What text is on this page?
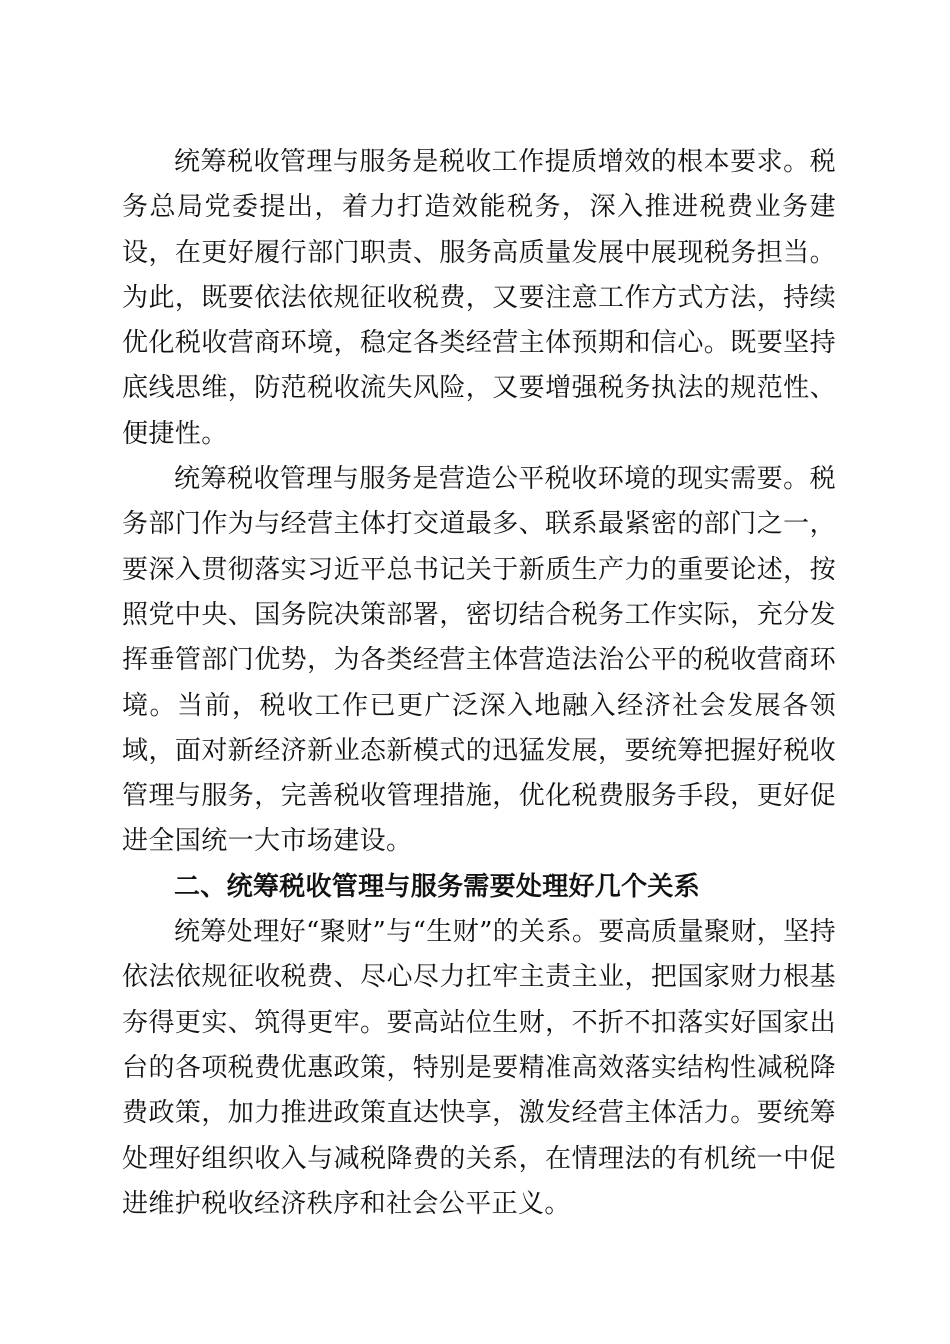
统筹税收管理与服务是税收工作提质增效的根本要求。税务总局党委提出，着力打造效能税务，深入推进税费业务建设，在更好履行部门职责、服务高质量发展中展现税务担当。为此，既要依法依规征收税费，又要注意工作方式方法，持续优化税收营商环境，稳定各类经营主体预期和信心。既要坚持底线思维，防范税收流失风险，又要增强税务执法的规范性、便捷性。

统筹税收管理与服务是营造公平税收环境的现实需要。税务部门作为与经营主体打交道最多、联系最紧密的部门之一，要深入贯彻落实习近平总书记关于新质生产力的重要论述，按照党中央、国务院决策部署，密切结合税务工作实际，充分发挥垂管部门优势，为各类经营主体营造法治公平的税收营商环境。当前，税收工作已更广泛深入地融入经济社会发展各领域，面对新经济新业态新模式的迅猛发展，要统筹把握好税收管理与服务，完善税收管理措施，优化税费服务手段，更好促进全国统一大市场建设。

二、统筹税收管理与服务需要处理好几个关系

统筹处理好“聚财”与“生财”的关系。要高质量聚财，坚持依法依规征收税费、尽心尽力扛牢主责主业，把国家财力根基夯得更实、筑得更牢。要高站位生财，不折不扣落实好国家出台的各项税费优惠政策，特别是要精准高效落实结构性减税降费政策，加力推进政策直达快享，激发经营主体活力。要统筹处理好组织收入与减税降费的关系，在情理法的有机统一中促进维护税收经济秩序和社会公平正义。
